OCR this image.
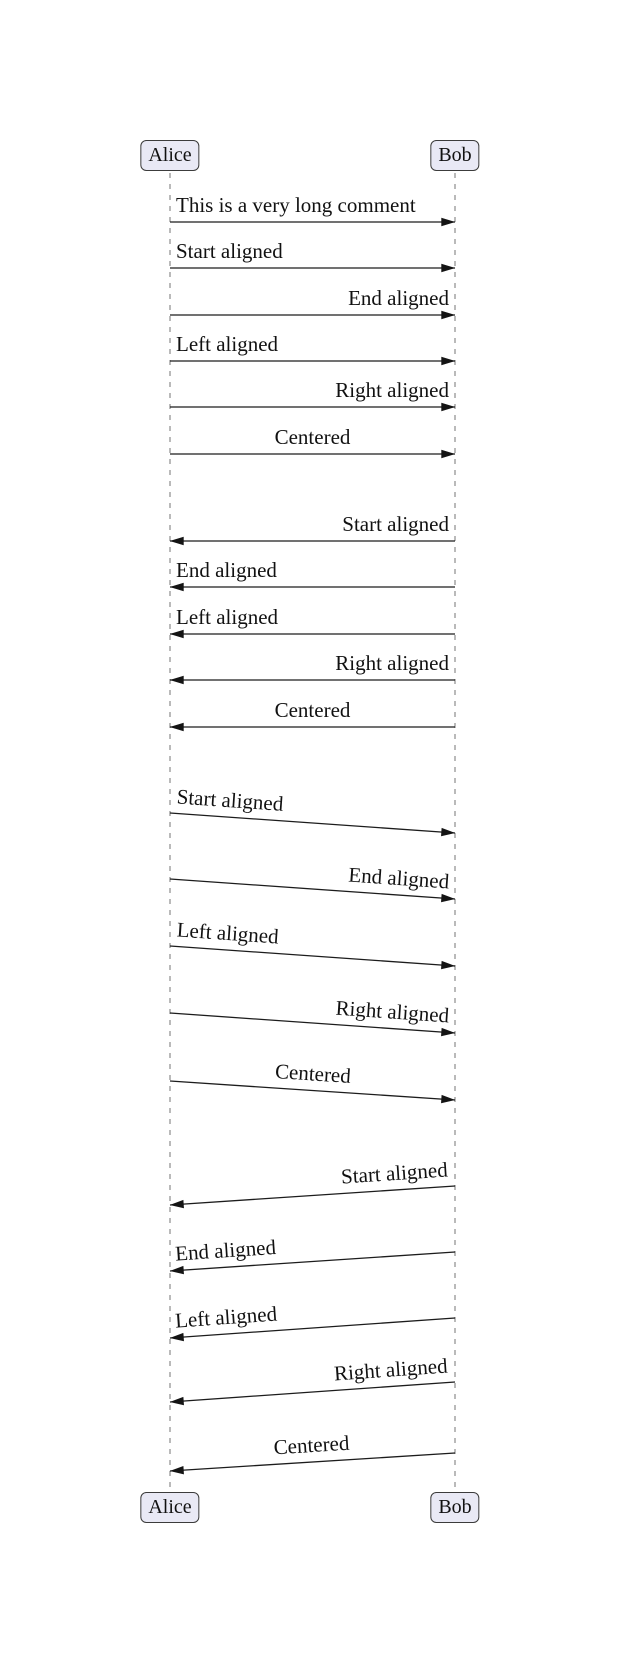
Alice	Bob
Alice	Bob
This is a very long comment
Start aligned
End aligned
Left aligned
Right aligned
Centered
Start aligned
End aligned
Left aligned
Right aligned
Centered
Start aligned
End aligned
Left aligned
Right aligned
Centered
Start aligned
End aligned
Left aligned
Right aligned
Centered
